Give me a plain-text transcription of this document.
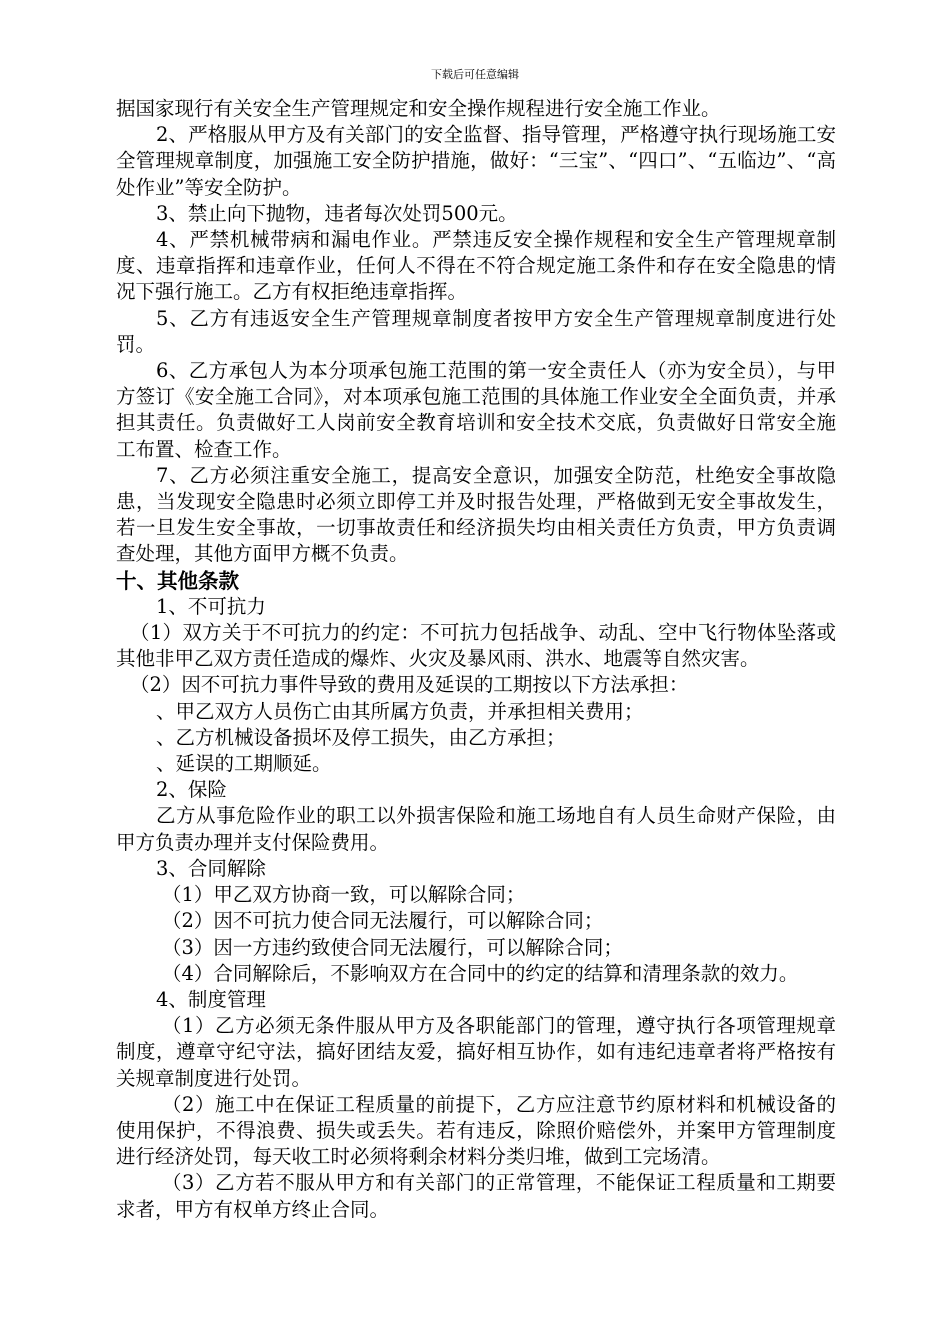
下载后可任意编辑

据国家现行有关安全生产管理规定和安全操作规程进行安全施工作业。

2、严格服从甲方及有关部门的安全监督、指导管理，严格遵守执行现场施工安全管理规章制度，加强施工安全防护措施，做好：“三宝”、“四口”、“五临边”、“高处作业”等安全防护。

3、禁止向下抛物，违者每次处罚500元。

4、严禁机械带病和漏电作业。严禁违反安全操作规程和安全生产管理规章制度、违章指挥和违章作业，任何人不得在不符合规定施工条件和存在安全隐患的情况下强行施工。乙方有权拒绝违章指挥。

5、乙方有违返安全生产管理规章制度者按甲方安全生产管理规章制度进行处罚。

6、乙方承包人为本分项承包施工范围的第一安全责任人（亦为安全员），与甲方签订《安全施工合同》，对本项承包施工范围的具体施工作业安全全面负责，并承担其责任。负责做好工人岗前安全教育培训和安全技术交底，负责做好日常安全施工布置、检查工作。

7、乙方必须注重安全施工，提高安全意识，加强安全防范，杜绝安全事故隐患，当发现安全隐患时必须立即停工并及时报告处理，严格做到无安全事故发生，若一旦发生安全事故，一切事故责任和经济损失均由相关责任方负责，甲方负责调查处理，其他方面甲方概不负责。

十、其他条款

1、不可抗力

（1）双方关于不可抗力的约定：不可抗力包括战争、动乱、空中飞行物体坠落或其他非甲乙双方责任造成的爆炸、火灾及暴风雨、洪水、地震等自然灾害。

（2）因不可抗力事件导致的费用及延误的工期按以下方法承担：

、甲乙双方人员伤亡由其所属方负责，并承担相关费用；

、乙方机械设备损坏及停工损失，由乙方承担；

、延误的工期顺延。

2、保险

乙方从事危险作业的职工以外损害保险和施工场地自有人员生命财产保险，由甲方负责办理并支付保险费用。

3、合同解除

（1）甲乙双方协商一致，可以解除合同；

（2）因不可抗力使合同无法履行，可以解除合同；

（3）因一方违约致使合同无法履行，可以解除合同；

（4）合同解除后，不影响双方在合同中的约定的结算和清理条款的效力。

4、制度管理

（1）乙方必须无条件服从甲方及各职能部门的管理，遵守执行各项管理规章制度，遵章守纪守法，搞好团结友爱，搞好相互协作，如有违纪违章者将严格按有关规章制度进行处罚。

（2）施工中在保证工程质量的前提下，乙方应注意节约原材料和机械设备的使用保护，不得浪费、损失或丢失。若有违反，除照价赔偿外，并案甲方管理制度进行经济处罚，每天收工时必须将剩余材料分类归堆，做到工完场清。

（3）乙方若不服从甲方和有关部门的正常管理，不能保证工程质量和工期要求者，甲方有权单方终止合同。
